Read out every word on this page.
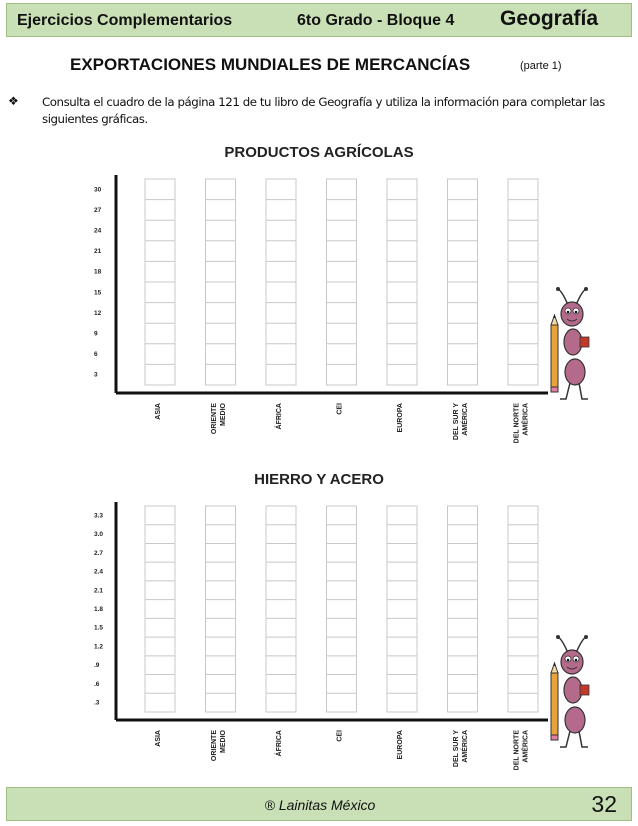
Ejercicios Complementarios	6to Grado - Bloque 4 Geografía
EXPORTACIONES MUNDIALES DE MERCANCÍAS	(parte 1)
❖ Consulta el cuadro de la página 121 de tu libro de Geografía y utiliza la información para completar las siguientes gráficas.
PRODUCTOS AGRÍCOLAS
ASIA	MEDIOORIENTE	ÁFRICA	CEI	EUROPA	AMÉRICADEL SUR Y	AMÉRICADEL NORTE
3
6
9
12
15
18
21
24
27
30
HIERRO Y ACERO
ASIA	MEDIOORIENTE	ÁFRICA	CEI	EUROPA	AMÉRICADEL SUR Y	AMÉRICADEL NORTE
.3
.6
.9
1.2
1.5
1.8
2.1
2.4
2.7
3.0
3.3
® Lainitas México	32
